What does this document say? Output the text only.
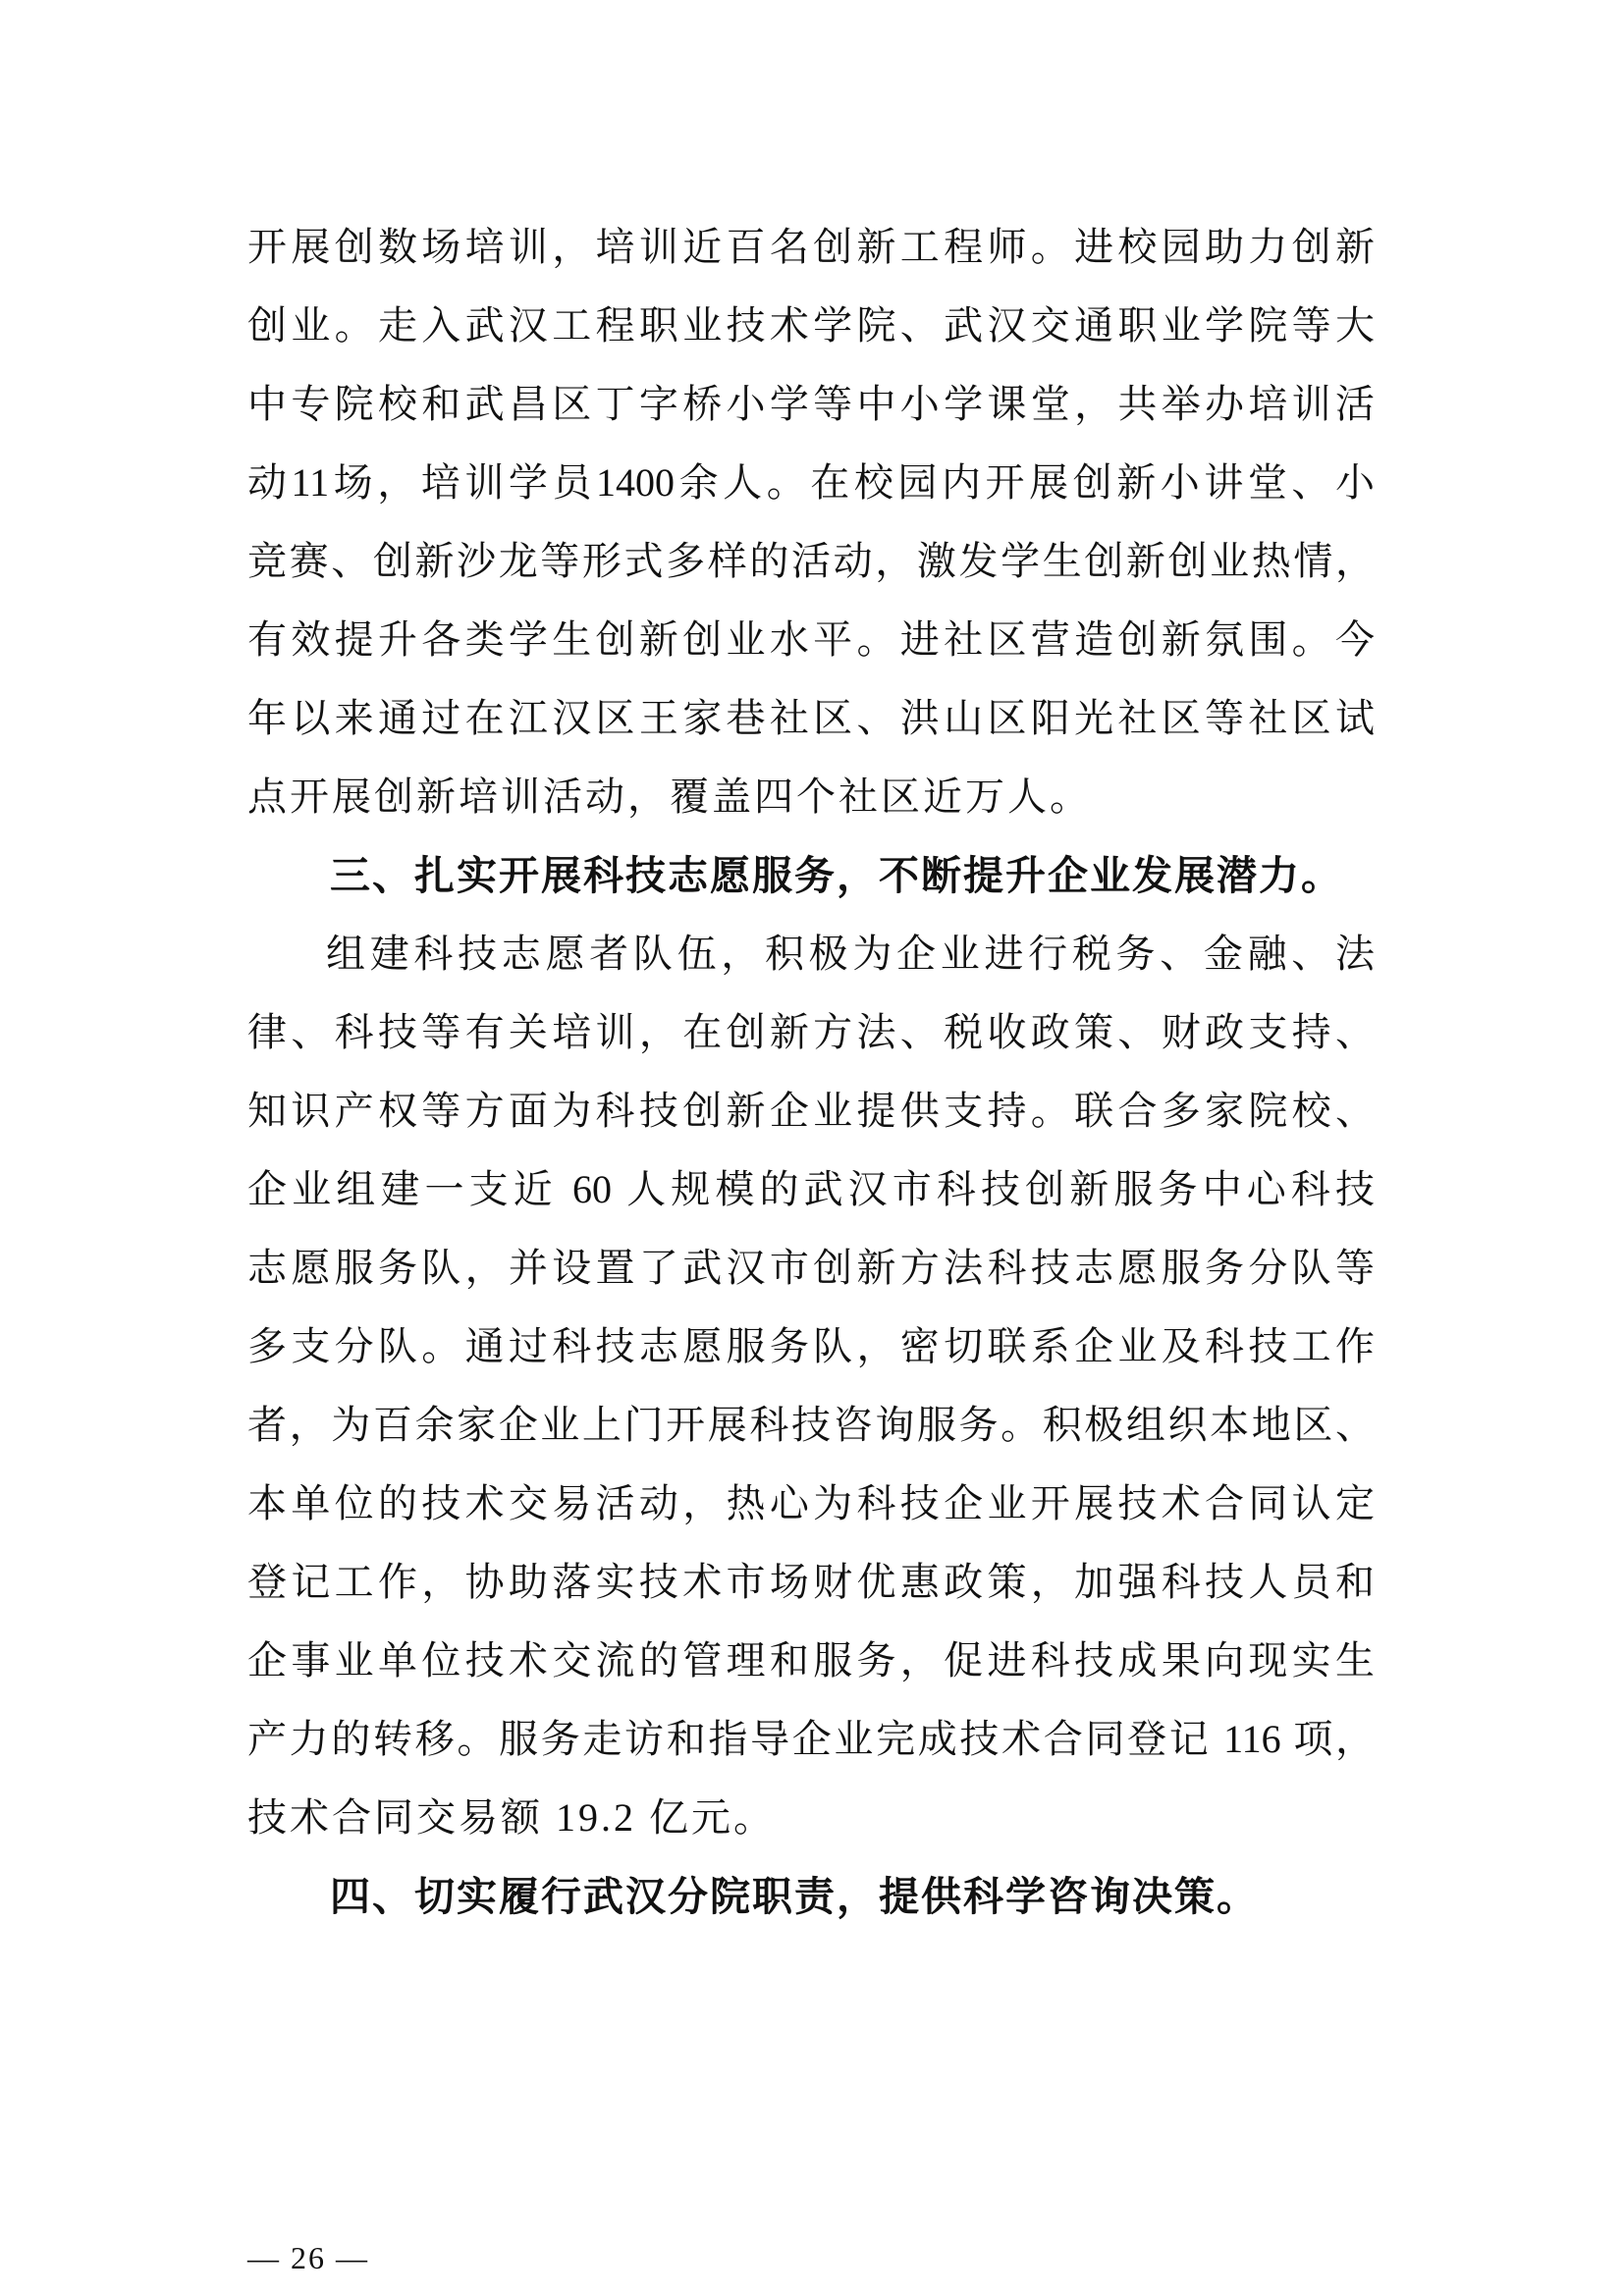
开展创数场培训，培训近百名创新工程师。进校园助力创新
创业。走入武汉工程职业技术学院、武汉交通职业学院等大
中专院校和武昌区丁字桥小学等中小学课堂，共举办培训活
动11场，培训学员1400余人。在校园内开展创新小讲堂、小
竞赛、创新沙龙等形式多样的活动，激发学生创新创业热情，
有效提升各类学生创新创业水平。进社区营造创新氛围。今
年以来通过在江汉区王家巷社区、洪山区阳光社区等社区试
点开展创新培训活动，覆盖四个社区近万人。
三、扎实开展科技志愿服务，不断提升企业发展潜力。
组建科技志愿者队伍，积极为企业进行税务、金融、法
律、科技等有关培训，在创新方法、税收政策、财政支持、
知识产权等方面为科技创新企业提供支持。联合多家院校、
企业组建一支近 60 人规模的武汉市科技创新服务中心科技
志愿服务队，并设置了武汉市创新方法科技志愿服务分队等
多支分队。通过科技志愿服务队，密切联系企业及科技工作
者，为百余家企业上门开展科技咨询服务。积极组织本地区、
本单位的技术交易活动，热心为科技企业开展技术合同认定
登记工作，协助落实技术市场财优惠政策，加强科技人员和
企事业单位技术交流的管理和服务，促进科技成果向现实生
产力的转移。服务走访和指导企业完成技术合同登记 116 项，
技术合同交易额 19.2 亿元。
四、切实履行武汉分院职责，提供科学咨询决策。
— 26 —
